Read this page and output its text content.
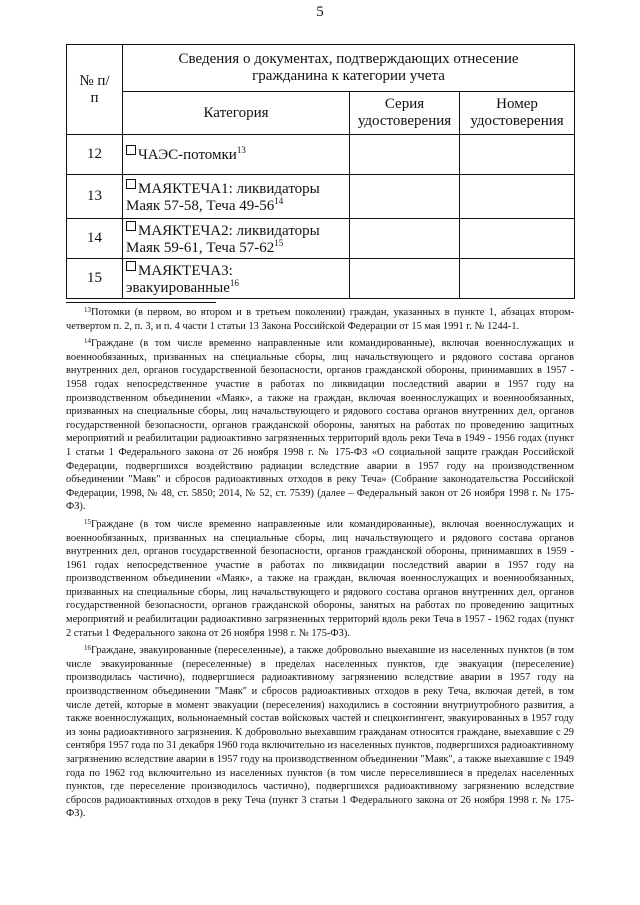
5
№ п/п	Сведения о документах, подтверждающих отнесение гражданина к категории учета		
	Категория	Серия удостоверения	Номер удостоверения
12	ЧАЭС-потомки$^{13}$		
13	МАЯКТЕЧА1: ликвидаторы
Маяк 57-58, Теча $49-56^{14}$		
14	МАЯКТЕЧА2: ликвидаторы
Маяк 59-61, Теча $57-62^{15}$		
15	МАЯКТЕЧА3:
эвакуированные$^{16}$		

$^{13}$Потомки (в первом, во втором и в третьем поколении) граждан, указанных в пункте 1, абзацах втором-четвертом п. 2, п. 3, и п. 4 части 1 статьи 13 Закона Российской Федерации от 15 мая 1991 г. № 1244-1.

$^{14}$Граждане (в том числе временно направленные или командированные), включая военнослужащих и военнообязанных, призванных на специальные сборы, лиц начальствующего и рядового состава органов внутренних дел, органов государственной безопасности, органов гражданской обороны, принимавших в 1957 - 1958 годах непосредственное участие в работах по ликвидации последствий аварии в 1957 году на производственном объединении «Маяк», а также на граждан, включая военнослужащих и военнообязанных, призванных на специальные сборы, лиц начальствующего и рядового состава органов внутренних дел, органов государственной безопасности, органов гражданской обороны, занятых на работах по проведению защитных мероприятий и реабилитации радиоактивно загрязненных территорий вдоль реки Теча в 1949 - 1956 годах (пункт 1 статьи 1 Федерального закона от 26 ноября 1998 г. № 175-ФЗ «О социальной защите граждан Российской Федерации, подвергшихся воздействию радиации вследствие аварии в 1957 году на производственном объединении "Маяк" и сбросов радиоактивных отходов в реку Теча» (Собрание законодательства Российской Федерации, 1998, № 48, ст. 5850; 2014, № 52, ст. 7539) (далее – Федеральный закон от 26 ноября 1998 г. № 175-ФЗ).

$^{15}$Граждане (в том числе временно направленные или командированные), включая военнослужащих и военнообязанных, призванных на специальные сборы, лиц начальствующего и рядового состава органов внутренних дел, органов государственной безопасности, органов гражданской обороны, принимавших в 1959 - 1961 годах непосредственное участие в работах по ликвидации последствий аварии в 1957 году на производственном объединении «Маяк», а также на граждан, включая военнослужащих и военнообязанных, призванных на специальные сборы, лиц начальствующего и рядового состава органов внутренних дел, органов государственной безопасности, органов гражданской обороны, занятых на работах по проведению защитных мероприятий и реабилитации радиоактивно загрязненных территорий вдоль реки Теча в 1957 - 1962 годах (пункт 2 статьи 1 Федерального закона от 26 ноября 1998 г. № 175-ФЗ).

$^{16}$Граждане, эвакуированные (переселенные), а также добровольно выехавшие из населенных пунктов (в том числе эвакуированные (переселенные) в пределах населенных пунктов, где эвакуация (переселение) производилась частично), подвергшиеся радиоактивному загрязнению вследствие аварии в 1957 году на производственном объединении "Маяк" и сбросов радиоактивных отходов в реку Теча, включая детей, в том числе детей, которые в момент эвакуации (переселения) находились в состоянии внутриутробного развития, а также военнослужащих, вольнонаемный состав войсковых частей и спецконтингент, эвакуированных в 1957 году из зоны радиоактивного загрязнения. К добровольно выехавшим гражданам относятся граждане, выехавшие с 29 сентября 1957 года по 31 декабря 1960 года включительно из населенных пунктов, подвергшихся радиоактивному загрязнению вследствие аварии в 1957 году на производственном объединении "Маяк", а также выехавшие с 1949 года по 1962 год включительно из населенных пунктов (в том числе переселившиеся в пределах населенных пунктов, где переселение производилось частично), подвергшихся радиоактивному загрязнению вследствие сбросов радиоактивных отходов в реку Теча (пункт 3 статьи 1 Федерального закона от 26 ноября 1998 г. № 175-ФЗ).
